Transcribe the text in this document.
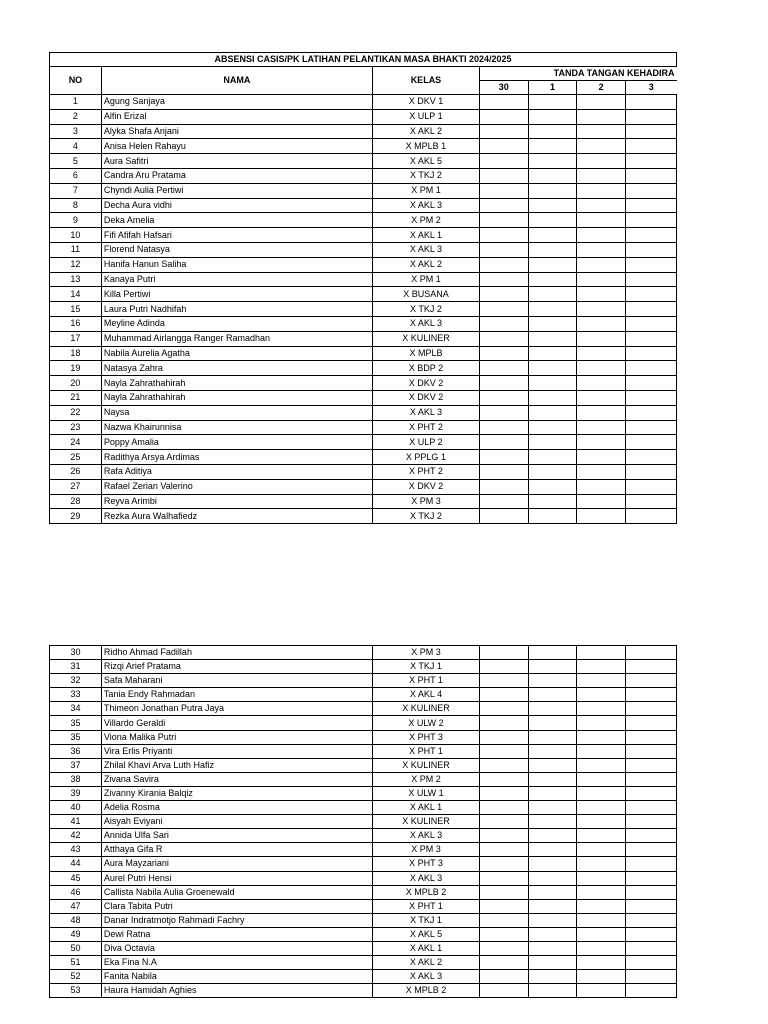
ABSENSI CASIS/PK LATIHAN PELANTIKAN MASA BHAKTI 2024/2025						
NO	NAMA	KELAS	TANDA TANGAN KEHADIRA			
			30	1	2	3
1	Agung Sanjaya	X DKV 1				
2	Alfin Erizal	X ULP 1				
3	Alyka Shafa Anjani	X AKL 2				
4	Anisa Helen Rahayu	X MPLB 1				
5	Aura Safitri	X AKL 5				
6	Candra Aru Pratama	X TKJ 2				
7	Chyndi Aulia Pertiwi	X PM 1				
8	Decha Aura vidhi	X AKL 3				
9	Deka Amelia	X PM 2				
10	Fifi Afifah Hafsari	X AKL 1				
11	Florend Natasya	X AKL 3				
12	Hanifa Hanun Saliha	X AKL 2				
13	Kanaya Putri	X PM 1				
14	Killa Pertiwi	X BUSANA				
15	Laura Putri Nadhifah	X TKJ 2				
16	Meyline Adinda	X AKL 3				
17	Muhammad Airlangga Ranger Ramadhan	X KULINER				
18	Nabila Aurelia Agatha	X MPLB				
19	Natasya Zahra	X BDP 2				
20	Nayla Zahrathahirah	X DKV 2				
21	Nayla Zahrathahirah	X DKV 2				
22	Naysa	X AKL 3				
23	Nazwa Khairunnisa	X PHT 2				
24	Poppy Amalia	X ULP 2				
25	Radithya Arsya Ardimas	X PPLG 1				
26	Rafa Aditiya	X PHT 2				
27	Rafael Zerian Valerino	X DKV 2				
28	Reyva Arimbi	X PM 3				
29	Rezka Aura Walhafiedz	X TKJ 2				
30	Ridho Ahmad Fadillah	X PM 3				
31	Rizqi Arief Pratama	X TKJ 1				
32	Safa Maharani	X PHT 1				
33	Tania Endy Rahmadan	X AKL 4				
34	Thimeon Jonathan Putra Jaya	X KULINER				
35	Villardo Geraldi	X ULW 2				
35	Viona Malika Putri	X PHT 3				
36	Vira Erlis Priyanti	X PHT 1				
37	Zhilal Khavi Arva Luth Hafiz	X KULINER				
38	Zivana Savira	X PM 2				
39	Zivanny Kirania Balqiz	X ULW 1				
40	Adelia Rosma	X AKL 1				
41	Aisyah Eviyani	X KULINER				
42	Annida Ulfa Sari	X AKL 3				
43	Atthaya Gifa R	X PM 3				
44	Aura Mayzariani	X PHT 3				
45	Aurel Putri Hensi	X AKL 3				
46	Callista Nabila Aulia Groenewald	X MPLB 2				
47	Clara Tabita Putri	X PHT 1				
48	Danar Indratmotjo Rahmadi Fachry	X TKJ 1				
49	Dewi Ratna	X AKL 5				
50	Diva Octavia	X AKL 1				
51	Eka Fina N.A	X AKL 2				
52	Fanita Nabila	X AKL 3				
53	Haura Hamidah Aghies	X MPLB 2				
